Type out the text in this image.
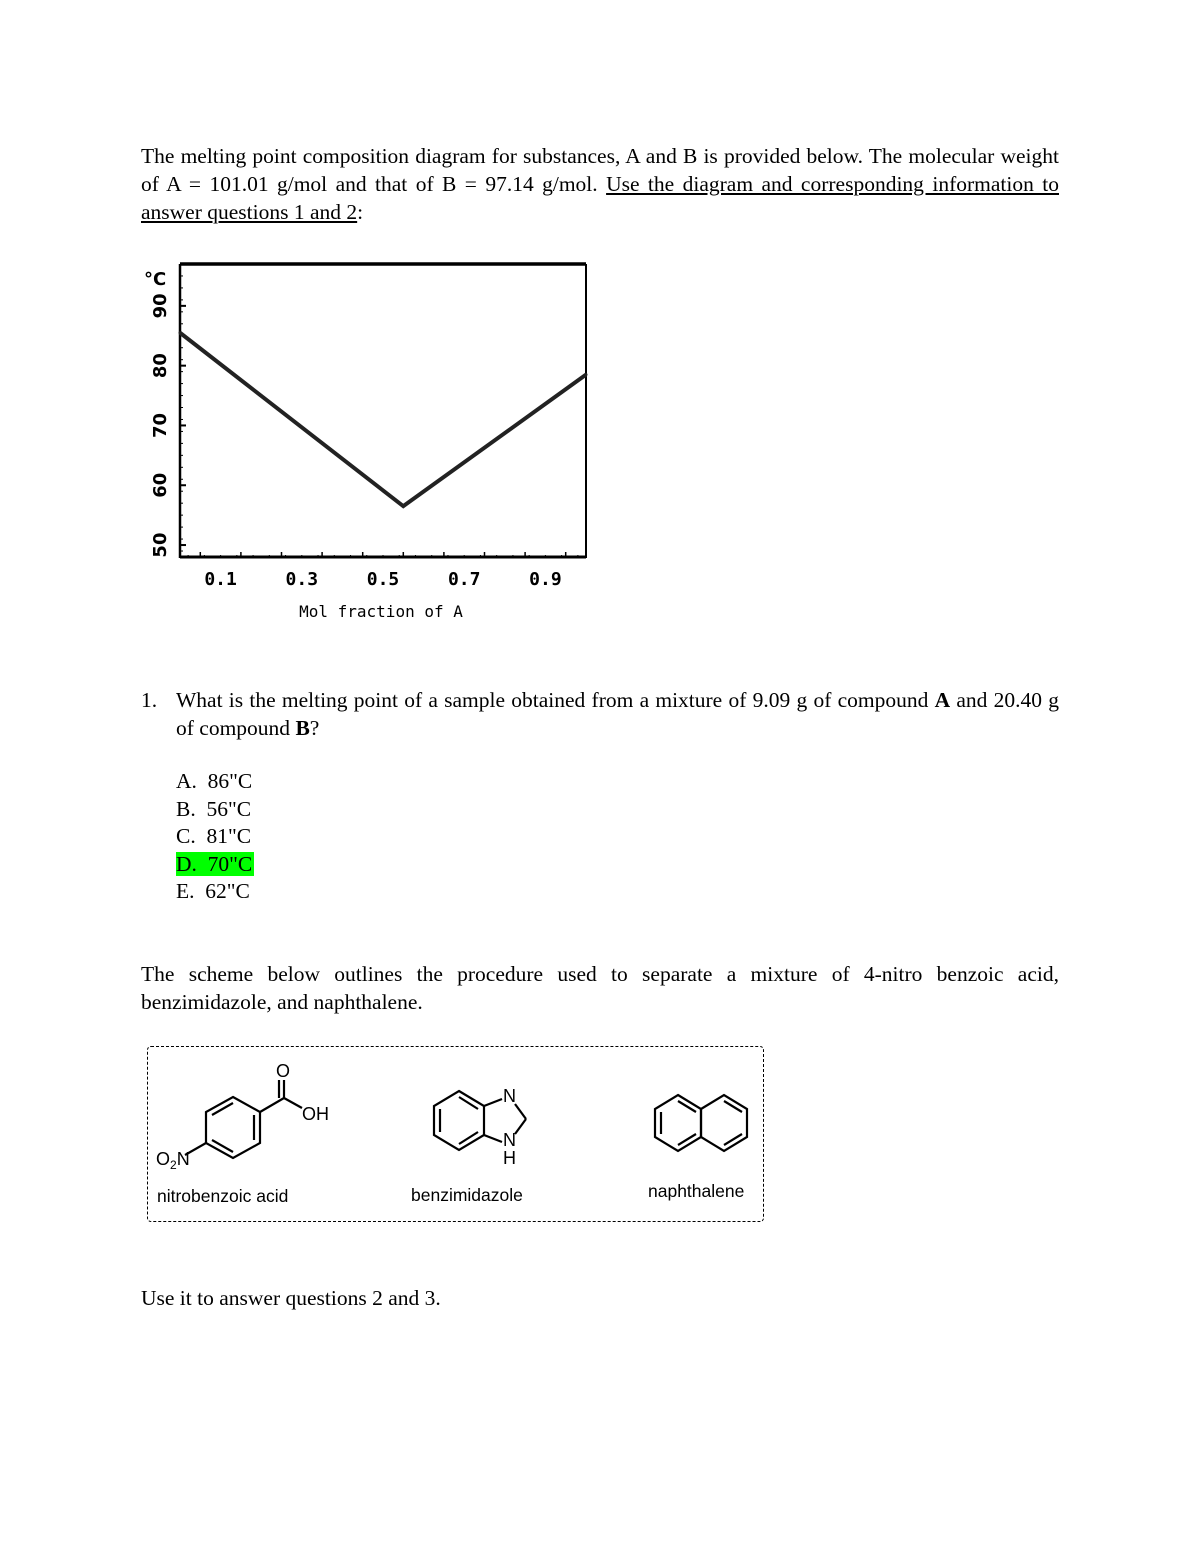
The melting point composition diagram for substances, A and B is provided below. The molecular weight of A = 101.01 g/mol and that of B = 97.14 g/mol. Use the diagram and corresponding information to answer questions 1 and 2:
°C
50
60
70
80
90
0.1	0.3	0.5	0.7	0.9
Mol fraction of A
1. What is the melting point of a sample obtained from a mixture of 9.09 g of compound A and 20.40 g of compound B?
A. 86"C
B. 56"C
C. 81"C
D. 70"C
E. 62"C
The scheme below outlines the procedure used to separate a mixture of 4-nitro benzoic acid, benzimidazole, and naphthalene.
O
OH
$O_2N$
N
N
H
nitrobenzoic acid	benzimidazole	naphthalene
Use it to answer questions 2 and 3.
